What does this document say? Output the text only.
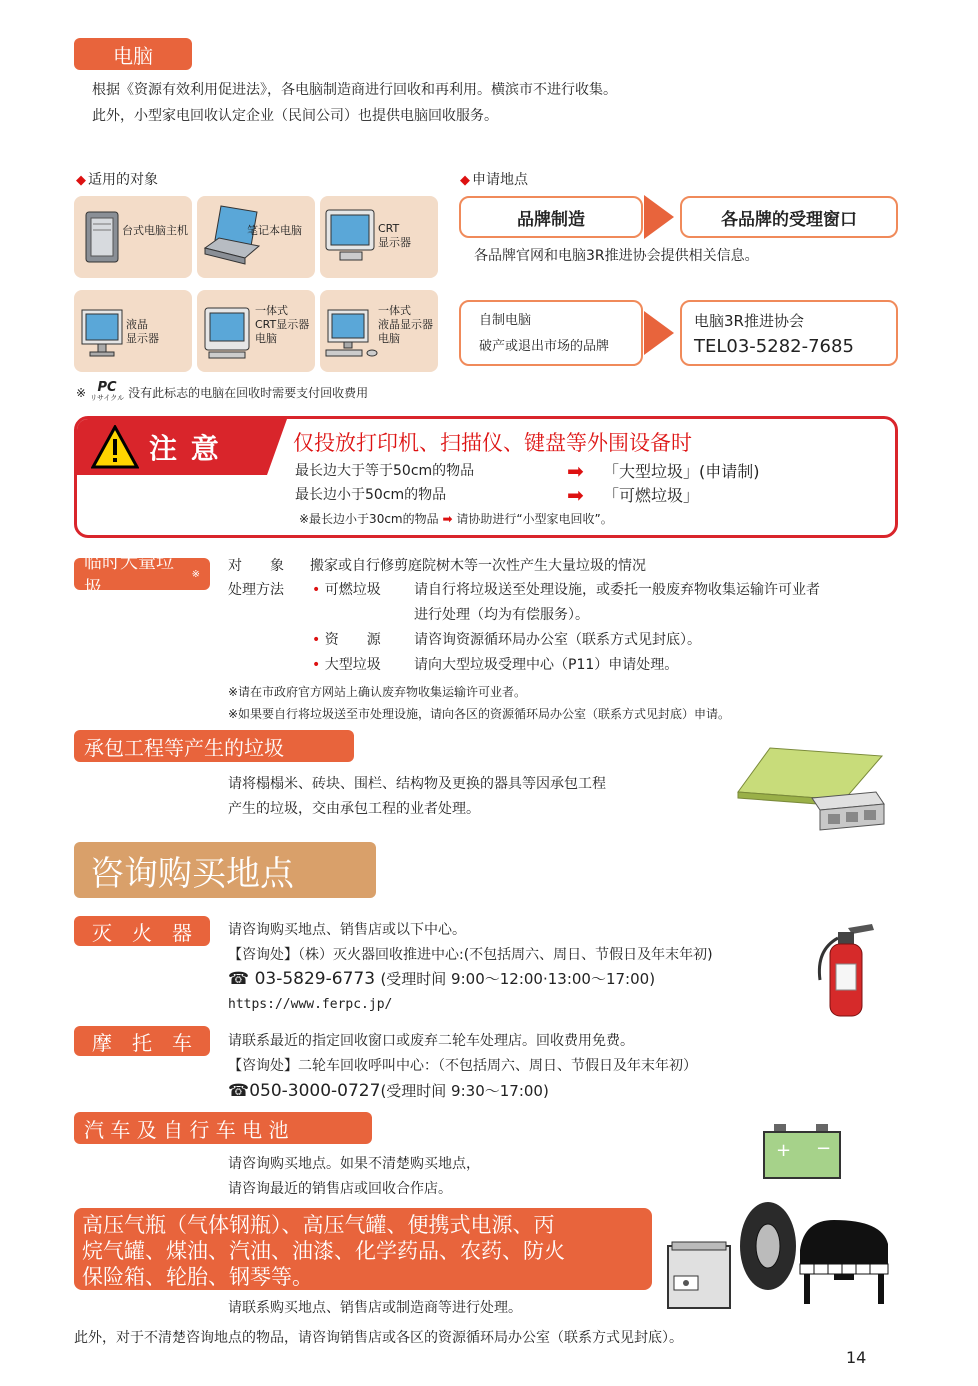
电脑
根据《资源有效利用促进法》，各电脑制造商进行回收和再利用。横滨市不进行收集。
此外，小型家电回收认定企业（民间公司）也提供电脑回收服务。
◆ 适用的对象
台式电脑主机	笔记本电脑	CRT
显示器
液晶
显示器
一体式
CRT显示器
电脑
一体式
液晶显示器
电脑
※ PC
リサイクル 没有此标志的电脑在回收时需要支付回收费用
◆ 申请地点
品牌制造	各品牌的受理窗口
各品牌官网和电脑3R推进协会提供相关信息。
自制电脑
破产或退出市场的品牌
电脑3R推进协会
TEL03-5282-7685
注 意	仅投放打印机、扫描仪、键盘等外围设备时
最长边大于等于50cm的物品	➡ 「大型垃圾」(申请制)
最长边小于50cm的物品	➡ 「可燃垃圾」
※最长边小于30cm的物品 ➡ 请协助进行“小型家电回收”。
临时大量垃圾
※ 对　　象 搬家或自行修剪庭院树木等一次性产生大量垃圾的情况
处理方法 • 可燃垃圾 请自行将垃圾送至处理设施，或委托一般废弃物收集运输许可业者
进行处理（均为有偿服务）。
• 资　　源 请咨询资源循环局办公室（联系方式见封底）。
• 大型垃圾 请向大型垃圾受理中心（P11）申请处理。
※请在市政府官方网站上确认废弃物收集运输许可业者。
※如果要自行将垃圾送至市处理设施，请向各区的资源循环局办公室（联系方式见封底）申请。
承包工程等产生的垃圾
请将榻榻米、砖块、围栏、结构物及更换的器具等因承包工程
产生的垃圾，交由承包工程的业者处理。
咨询购买地点
灭　火　器	请咨询购买地点、销售店或以下中心。
【咨询处】（株）灭火器回收推进中心:(不包括周六、周日、节假日及年末年初)
☎ 03-5829-6773 (受理时间 9:00～12:00·13:00～17:00)
https://www.ferpc.jp/
摩　托　车	请联系最近的指定回收窗口或废弃二轮车处理店。回收费用免费。
【咨询处】二轮车回收呼叫中心：（不包括周六、周日、节假日及年末年初）
☎050-3000-0727(受理时间 9:30～17:00)
汽 车 及 自 行 车 电 池
请咨询购买地点。如果不清楚购买地点，
请咨询最近的销售店或回收合作店。
+ −
高压气瓶（气体钢瓶）、高压气罐、便携式电源、丙
烷气罐、煤油、汽油、油漆、化学药品、农药、防火
保险箱、轮胎、钢琴等。
请联系购买地点、销售店或制造商等进行处理。
此外，对于不清楚咨询地点的物品，请咨询销售店或各区的资源循环局办公室（联系方式见封底）。
14
